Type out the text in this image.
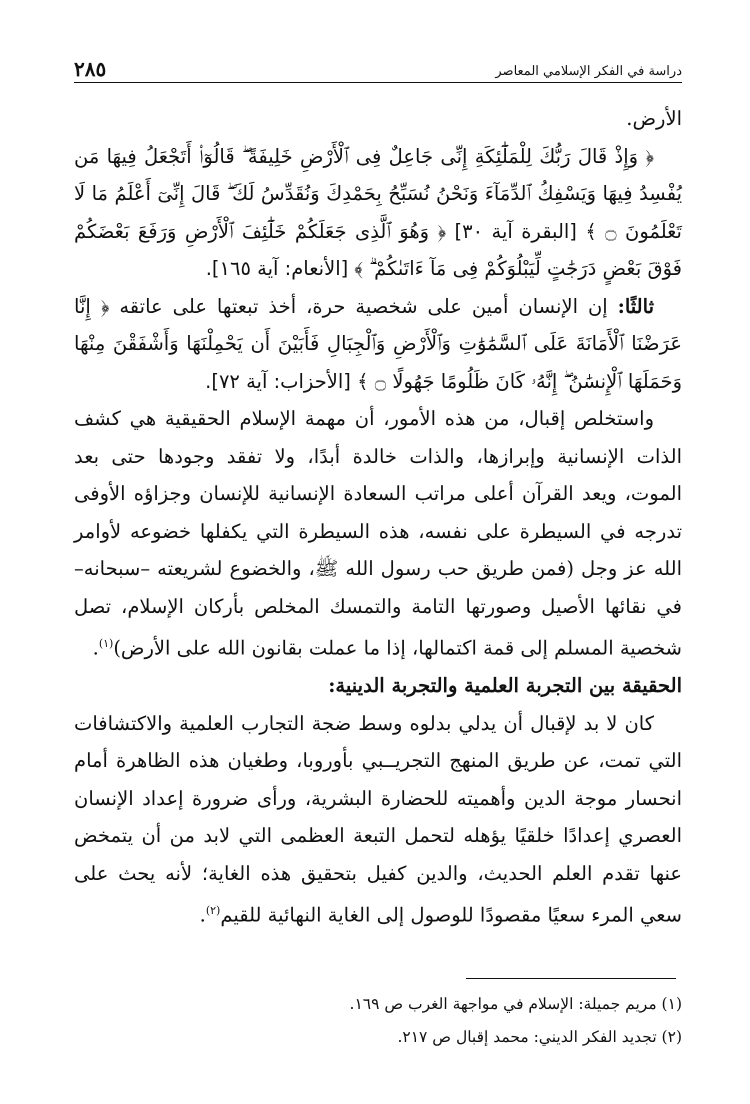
دراسة في الفكر الإسلامي المعاصر
٢٨٥

الأرض.

﴿ وَإِذْ قَالَ رَبُّكَ لِلْمَلَٰٓئِكَةِ إِنِّى جَاعِلٌ فِى ٱلْأَرْضِ خَلِيفَةً ۖ قَالُوٓا۟ أَتَجْعَلُ فِيهَا مَن يُفْسِدُ فِيهَا وَيَسْفِكُ ٱلدِّمَآءَ وَنَحْنُ نُسَبِّحُ بِحَمْدِكَ وَنُقَدِّسُ لَكَ ۖ قَالَ إِنِّىٓ أَعْلَمُ مَا لَا تَعْلَمُونَ ۝ ﴾ [البقرة آية ٣٠] ﴿ وَهُوَ ٱلَّذِى جَعَلَكُمْ خَلَٰٓئِفَ ٱلْأَرْضِ وَرَفَعَ بَعْضَكُمْ فَوْقَ بَعْضٍ دَرَجَٰتٍ لِّيَبْلُوَكُمْ فِى مَآ ءَاتَىٰكُمْ ۗ ﴾ [الأنعام: آية ١٦٥].

ثالثًا: إن الإنسان أمين على شخصية حرة، أخذ تبعتها على عاتقه ﴿ إِنَّا عَرَضْنَا ٱلْأَمَانَةَ عَلَى ٱلسَّمَٰوَٰتِ وَٱلْأَرْضِ وَٱلْجِبَالِ فَأَبَيْنَ أَن يَحْمِلْنَهَا وَأَشْفَقْنَ مِنْهَا وَحَمَلَهَا ٱلْإِنسَٰنُ ۖ إِنَّهُۥ كَانَ ظَلُومًا جَهُولًا ۝ ﴾ [الأحزاب: آية ٧٢].

واستخلص إقبال، من هذه الأمور، أن مهمة الإسلام الحقيقية هي كشف الذات الإنسانية وإبرازها، والذات خالدة أبدًا، ولا تفقد وجودها حتى بعد الموت، ويعد القرآن أعلى مراتب السعادة الإنسانية للإنسان وجزاؤه الأوفى تدرجه في السيطرة على نفسه، هذه السيطرة التي يكفلها خضوعه لأوامر الله عز وجل (فمن طريق حب رسول الله ﷺ، والخضوع لشريعته –سبحانه– في نقائها الأصيل وصورتها التامة والتمسك المخلص بأركان الإسلام، تصل شخصية المسلم إلى قمة اكتمالها، إذا ما عملت بقانون الله على الأرض)$^{(١)}$.

الحقيقة بين التجربة العلمية والتجربة الدينية:

كان لا بد لإقبال أن يدلي بدلوه وسط ضجة التجارب العلمية والاكتشافات التي تمت، عن طريق المنهج التجريــبي بأوروبا، وطغيان هذه الظاهرة أمام انحسار موجة الدين وأهميته للحضارة البشرية، ورأى ضرورة إعداد الإنسان العصري إعدادًا خلقيًا يؤهله لتحمل التبعة العظمى التي لابد من أن يتمخض عنها تقدم العلم الحديث، والدين كفيل بتحقيق هذه الغاية؛ لأنه يحث على سعي المرء سعيًا مقصودًا للوصول إلى الغاية النهائية للقيم$^{(٢)}$.

(١) مريم جميلة: الإسلام في مواجهة الغرب ص ١٦٩.

(٢) تجديد الفكر الديني: محمد إقبال ص ٢١٧.
